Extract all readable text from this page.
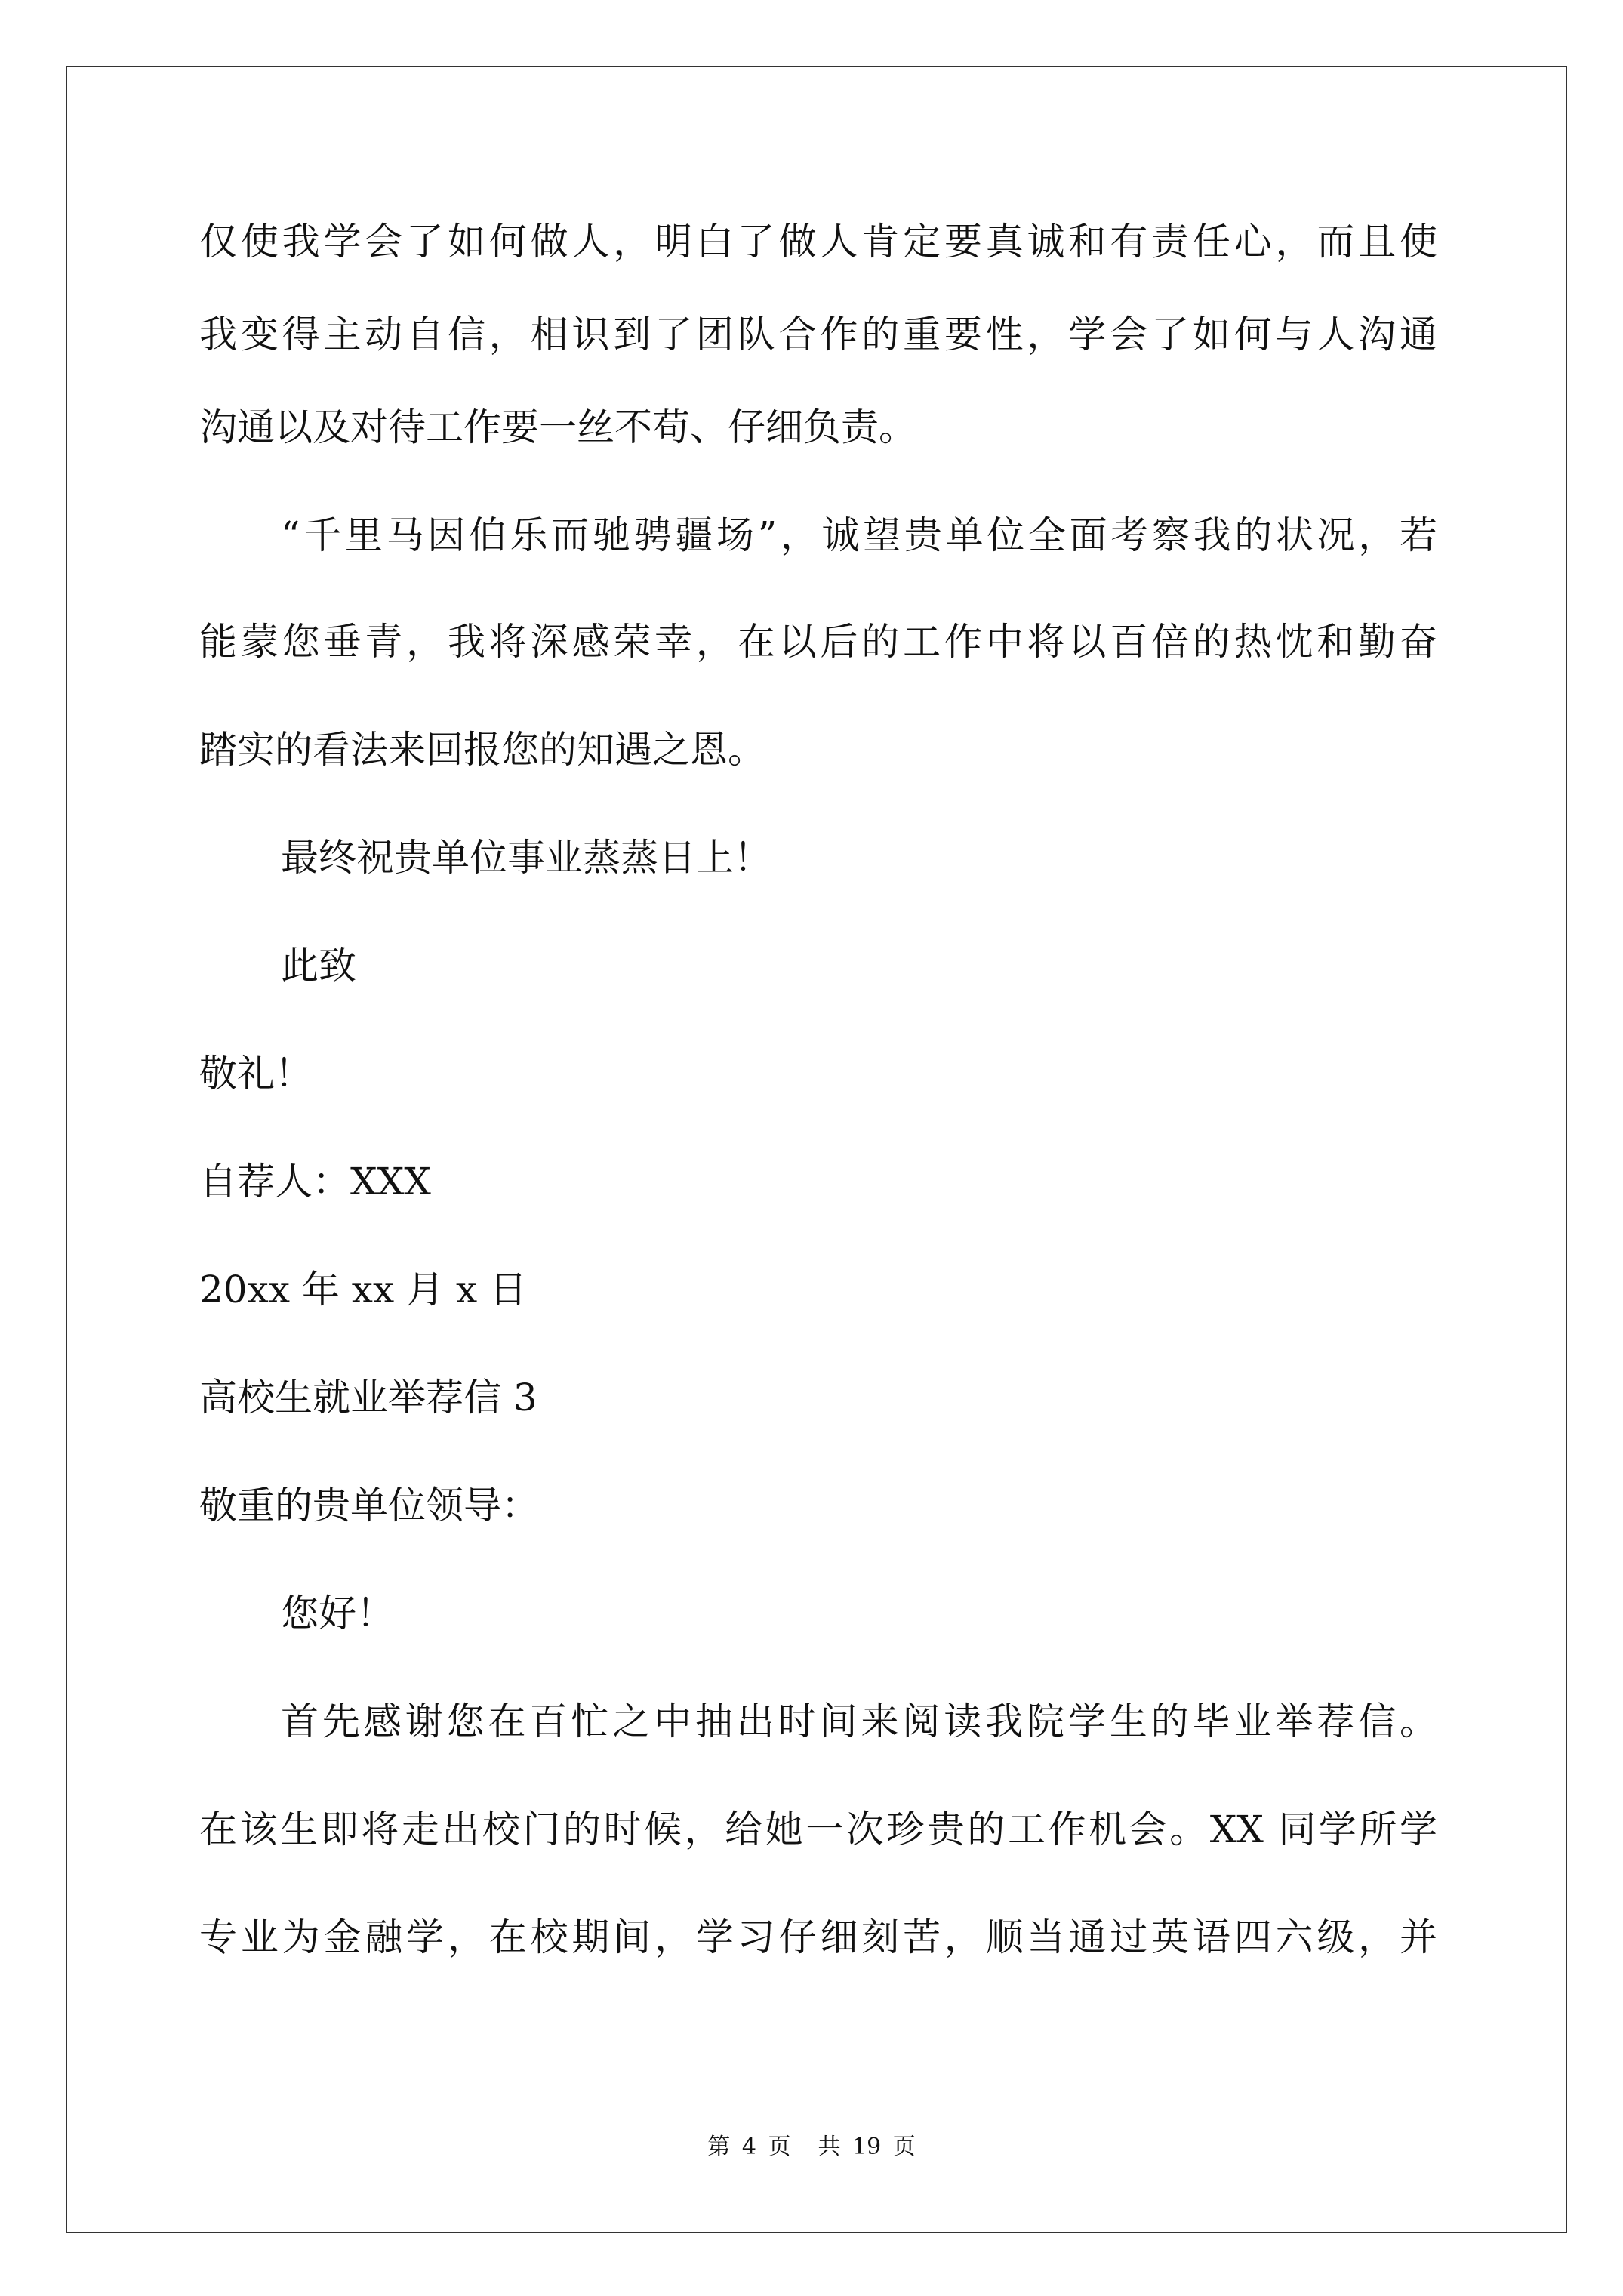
仅使我学会了如何做人，明白了做人肯定要真诚和有责任心，而且使
我变得主动自信，相识到了团队合作的重要性，学会了如何与人沟通
沟通以及对待工作要一丝不苟、仔细负责。
“千里马因伯乐而驰骋疆场”，诚望贵单位全面考察我的状况，若
能蒙您垂青，我将深感荣幸，在以后的工作中将以百倍的热忱和勤奋
踏实的看法来回报您的知遇之恩。
最终祝贵单位事业蒸蒸日上！
此致
敬礼！
自荐人：XXX
20xx 年 xx 月 x 日
高校生就业举荐信 3
敬重的贵单位领导：
您好！
首先感谢您在百忙之中抽出时间来阅读我院学生的毕业举荐信。
在该生即将走出校门的时候，给她一次珍贵的工作机会。XX 同学所学
专业为金融学，在校期间，学习仔细刻苦，顺当通过英语四六级，并
第 4 页 共 19 页
